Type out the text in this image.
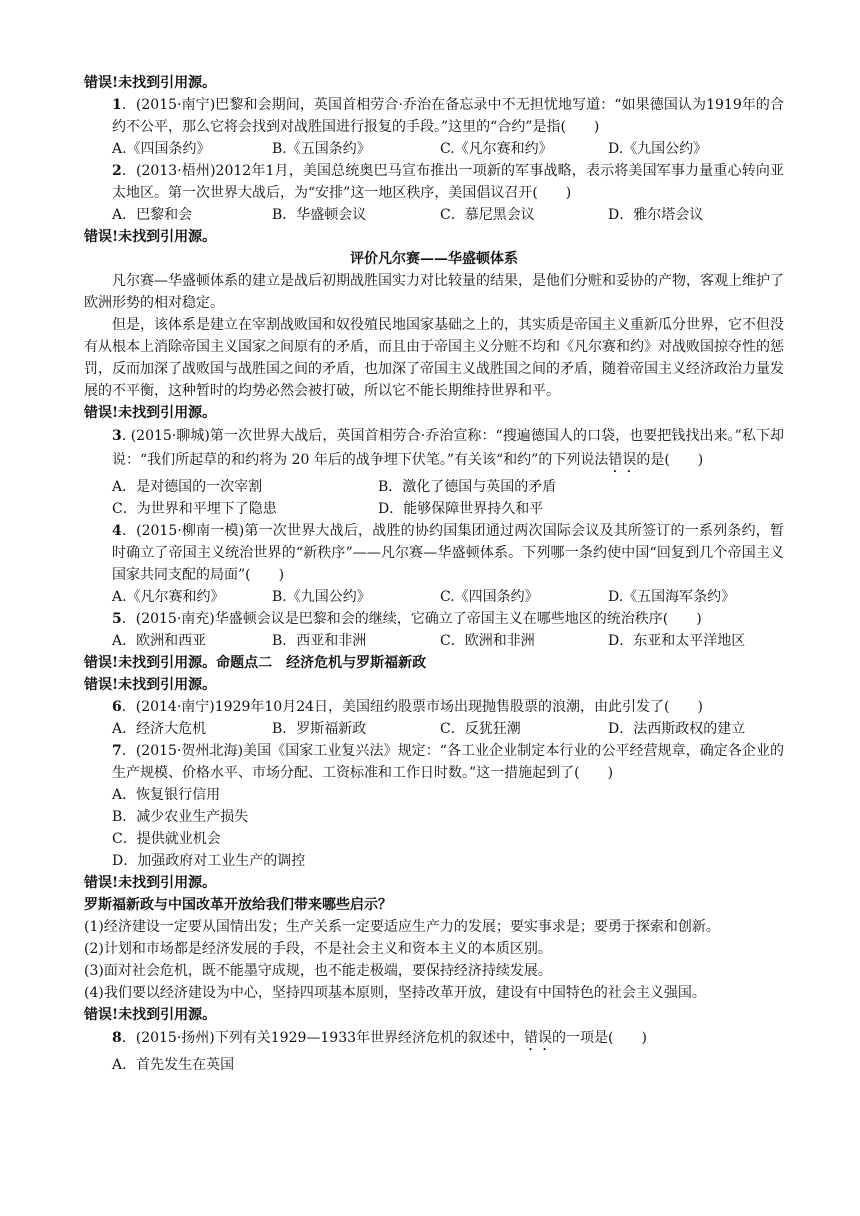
错误!未找到引用源。

1．(2015·南宁)巴黎和会期间，英国首相劳合·乔治在备忘录中不无担忧地写道：“如果德国认为1919年的合约不公平，那么它将会找到对战胜国进行报复的手段。”这里的“合约”是指(　　)

A.《四国条约》	B.《五国条约》	C.《凡尔赛和约》	D.《九国公约》

2．(2013·梧州)2012年1月，美国总统奥巴马宣布推出一项新的军事战略，表示将美国军事力量重心转向亚太地区。第一次世界大战后，为“安排”这一地区秩序，美国倡议召开(　　)

A．巴黎和会	B．华盛顿会议	C．慕尼黑会议	D．雅尔塔会议

错误!未找到引用源。

评价凡尔赛——华盛顿体系

凡尔赛—华盛顿体系的建立是战后初期战胜国实力对比较量的结果，是他们分赃和妥协的产物，客观上维护了欧洲形势的相对稳定。

但是，该体系是建立在宰割战败国和奴役殖民地国家基础之上的，其实质是帝国主义重新瓜分世界，它不但没有从根本上消除帝国主义国家之间原有的矛盾，而且由于帝国主义分赃不均和《凡尔赛和约》对战败国掠夺性的惩罚，反而加深了战败国与战胜国之间的矛盾，也加深了帝国主义战胜国之间的矛盾，随着帝国主义经济政治力量发展的不平衡，这种暂时的均势必然会被打破，所以它不能长期维持世界和平。

错误!未找到引用源。

3. (2015·聊城)第一次世界大战后，英国首相劳合·乔治宣称：“搜遍德国人的口袋，也要把钱找出来。”私下却说：“我们所起草的和约将为 20 年后的战争埋下伏笔。”有关该“和约”的下列说法错误的是(　　)

A．是对德国的一次宰割	B．激化了德国与英国的矛盾
C．为世界和平埋下了隐患	D．能够保障世界持久和平

4．(2015·柳南一模)第一次世界大战后，战胜的协约国集团通过两次国际会议及其所签订的一系列条约，暂时确立了帝国主义统治世界的“新秩序”——凡尔赛—华盛顿体系。下列哪一条约使中国“回复到几个帝国主义国家共同支配的局面”(　　)

A.《凡尔赛和约》	B.《九国公约》	C.《四国条约》	D.《五国海军条约》

5．(2015·南充)华盛顿会议是巴黎和会的继续，它确立了帝国主义在哪些地区的统治秩序(　　)

A．欧洲和西亚	B．西亚和非洲	C．欧洲和非洲	D．东亚和太平洋地区

错误!未找到引用源。命题点二　经济危机与罗斯福新政

错误!未找到引用源。

6．(2014·南宁)1929年10月24日，美国纽约股票市场出现抛售股票的浪潮，由此引发了(　　)

A．经济大危机	B．罗斯福新政	C．反犹狂潮	D．法西斯政权的建立

7．(2015·贺州北海)美国《国家工业复兴法》规定：“各工业企业制定本行业的公平经营规章，确定各企业的生产规模、价格水平、市场分配、工资标准和工作日时数。”这一措施起到了(　　)

A．恢复银行信用

B．减少农业生产损失

C．提供就业机会

D．加强政府对工业生产的调控

错误!未找到引用源。

罗斯福新政与中国改革开放给我们带来哪些启示？

(1)经济建设一定要从国情出发；生产关系一定要适应生产力的发展；要实事求是；要勇于探索和创新。

(2)计划和市场都是经济发展的手段，不是社会主义和资本主义的本质区别。

(3)面对社会危机，既不能墨守成规，也不能走极端，要保持经济持续发展。

(4)我们要以经济建设为中心，坚持四项基本原则，坚持改革开放，建设有中国特色的社会主义强国。

错误!未找到引用源。

8．(2015·扬州)下列有关1929—1933年世界经济危机的叙述中，错误的一项是(　　)

A．首先发生在英国
